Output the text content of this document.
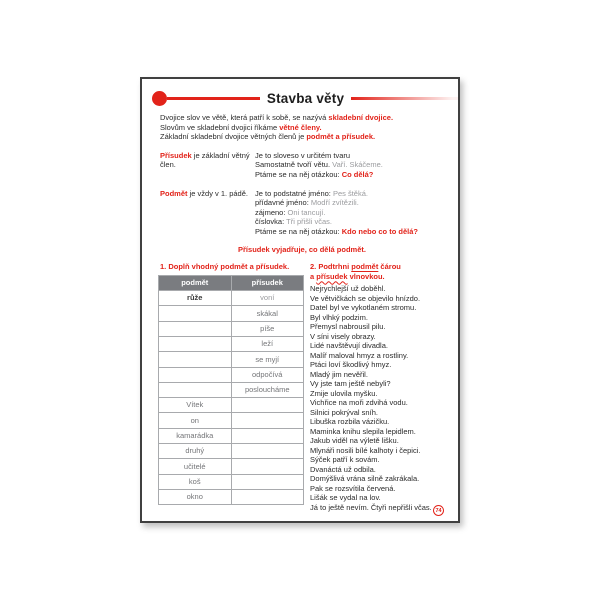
Stavba věty
Dvojice slov ve větě, která patří k sobě, se nazývá skladební dvojice.
Slovům ve skladební dvojici říkáme větné členy.
Základní skladební dvojice větných členů je podmět a přísudek.
Přísudek je základní větný člen.
Je to sloveso v určitém tvaru
Samostatně tvoří větu. Vaří. Skáčeme.
Ptáme se na něj otázkou: Co dělá?
Podmět je vždy v 1. pádě. Je to podstatné jméno: Pes štěká.
přídavné jméno: Modří zvítězili.
zájmeno: Oni tancují.
číslovka: Tři přišli včas.
Ptáme se na něj otázkou: Kdo nebo co to dělá?
Přísudek vyjadřuje, co dělá podmět.
1. Doplň vhodný podmět a přísudek.
podmět	přísudek
růže	voní
	skákal
	píše
	leží
	se myjí
	odpočívá
	posloucháme
Vítek	
on	
kamarádka	
druhý	
učitelé	
koš	
okno	
2. Podtrhni podmět čárou
a přísudek vlnovkou.
Nejrychlejší už doběhl.
Ve větvičkách se objevilo hnízdo.
Datel byl ve vykotlaném stromu.
Byl vlhký podzim.
Přemysl nabrousil pilu.
V síni visely obrazy.
Lidé navštěvují divadla.
Malíř maloval hmyz a rostliny.
Ptáci loví škodlivý hmyz.
Mladý jim nevěřil.
Vy jste tam ještě nebyli?
Zmije ulovila myšku.
Vichřice na moři zdvihá vodu.
Silnici pokrýval sníh.
Libuška rozbila vázičku.
Maminka knihu slepila lepidlem.
Jakub viděl na výletě lišku.
Mlynáři nosili bílé kalhoty i čepici.
Sýček patří k sovám.
Dvanáctá už odbila.
Domýšlivá vrána silně zakrákala.
Pak se rozsvítila červená.
Lišák se vydal na lov.
Já to ještě nevím. Čtyři nepřišli včas. 74
